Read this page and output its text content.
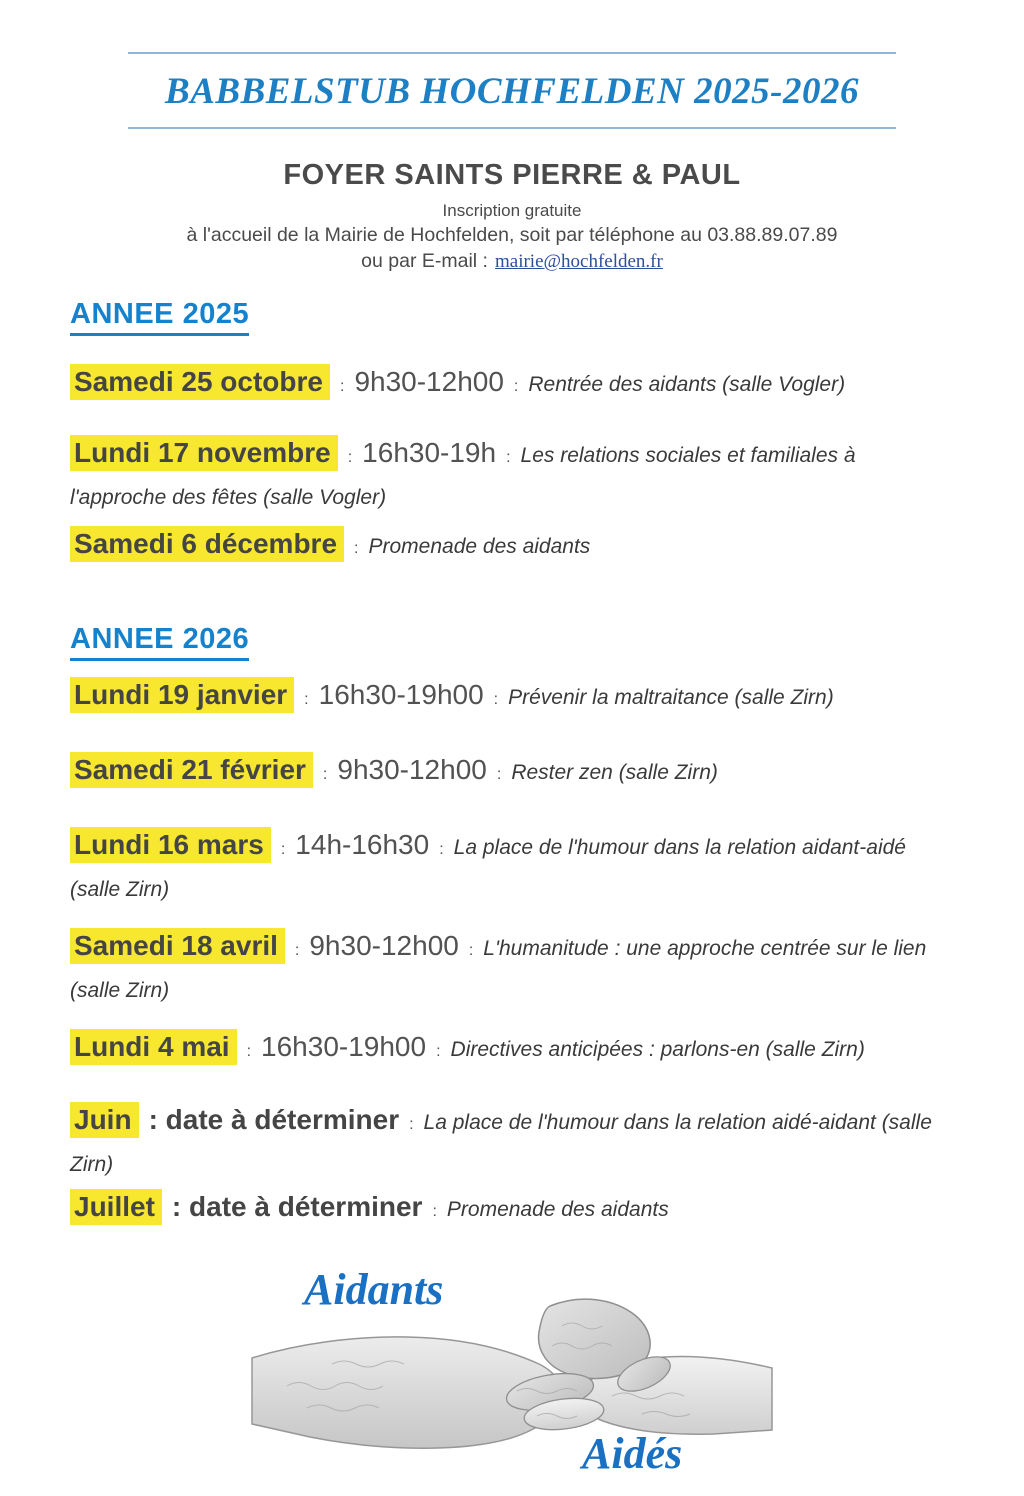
BABBELSTUB HOCHFELDEN 2025-2026
FOYER SAINTS PIERRE & PAUL
Inscription gratuite
à l'accueil de la Mairie de Hochfelden, soit par téléphone au 03.88.89.07.89
ou par E-mail : mairie@hochfelden.fr
ANNEE 2025

Samedi 25 octobre : 9h30-12h00 : Rentrée des aidants (salle Vogler)

Lundi 17 novembre : 16h30-19h : Les relations sociales et familiales à l'approche des fêtes (salle Vogler)

Samedi 6 décembre : Promenade des aidants

ANNEE 2026

Lundi 19 janvier : 16h30-19h00 : Prévenir la maltraitance (salle Zirn)

Samedi 21 février : 9h30-12h00 : Rester zen (salle Zirn)

Lundi 16 mars : 14h-16h30 : La place de l'humour dans la relation aidant-aidé (salle Zirn)

Samedi 18 avril : 9h30-12h00 : L'humanitude : une approche centrée sur le lien (salle Zirn)

Lundi 4 mai : 16h30-19h00 : Directives anticipées : parlons-en (salle Zirn)

Juin : date à déterminer : La place de l'humour dans la relation aidé-aidant (salle Zirn)

Juillet : date à déterminer : Promenade des aidants

Aidants
Aidés
